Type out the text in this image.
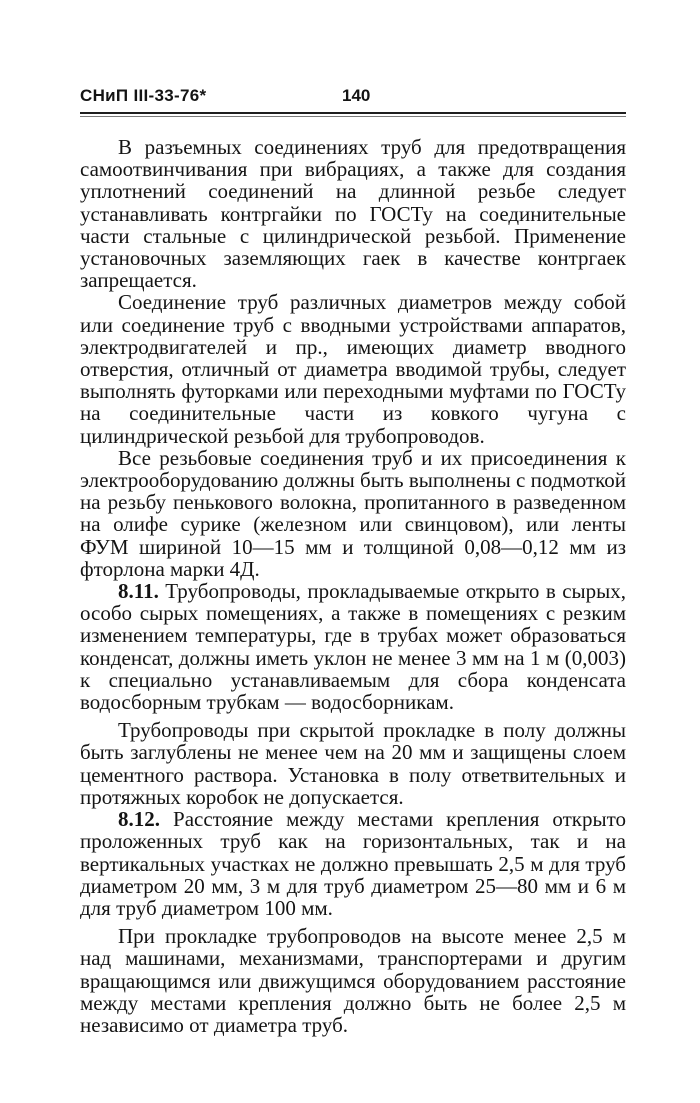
СНиП III-33-76*	140

В разъемных соединениях труб для предотвращения самоотвинчивания при вибрациях, а также для создания уплотнений соединений на длинной резьбе следует устанавливать контргайки по ГОСТу на соединительные части стальные с цилиндрической резьбой. Применение установочных заземляющих гаек в качестве контргаек запрещается.

Соединение труб различных диаметров между собой или соединение труб с вводными устройствами аппаратов, электродвигателей и пр., имеющих диаметр вводного отверстия, отличный от диаметра вводимой трубы, следует выполнять футорками или переходными муфтами по ГОСТу на соединительные части из ковкого чугуна с цилиндрической резьбой для трубопроводов.

Все резьбовые соединения труб и их присоединения к электрооборудованию должны быть выполнены с подмоткой на резьбу пенькового волокна, пропитанного в разведенном на олифе сурике (железном или свинцовом), или ленты ФУМ шириной 10—15 мм и толщиной 0,08—0,12 мм из фторлона марки 4Д.

8.11. Трубопроводы, прокладываемые открыто в сырых, особо сырых помещениях, а также в помещениях с резким изменением температуры, где в трубах может образоваться конденсат, должны иметь уклон не менее 3 мм на 1 м (0,003) к специально устанавливаемым для сбора конденсата водосборным трубкам — водосборникам.

Трубопроводы при скрытой прокладке в полу должны быть заглублены не менее чем на 20 мм и защищены слоем цементного раствора. Установка в полу ответвительных и протяжных коробок не допускается.

8.12. Расстояние между местами крепления открыто проложенных труб как на горизонтальных, так и на вертикальных участках не должно превышать 2,5 м для труб диаметром 20 мм, 3 м для труб диаметром 25—80 мм и 6 м для труб диаметром 100 мм.

При прокладке трубопроводов на высоте менее 2,5 м над машинами, механизмами, транспортерами и другим вращающимся или движущимся оборудованием расстояние между местами крепления должно быть не более 2,5 м независимо от диаметра труб.
